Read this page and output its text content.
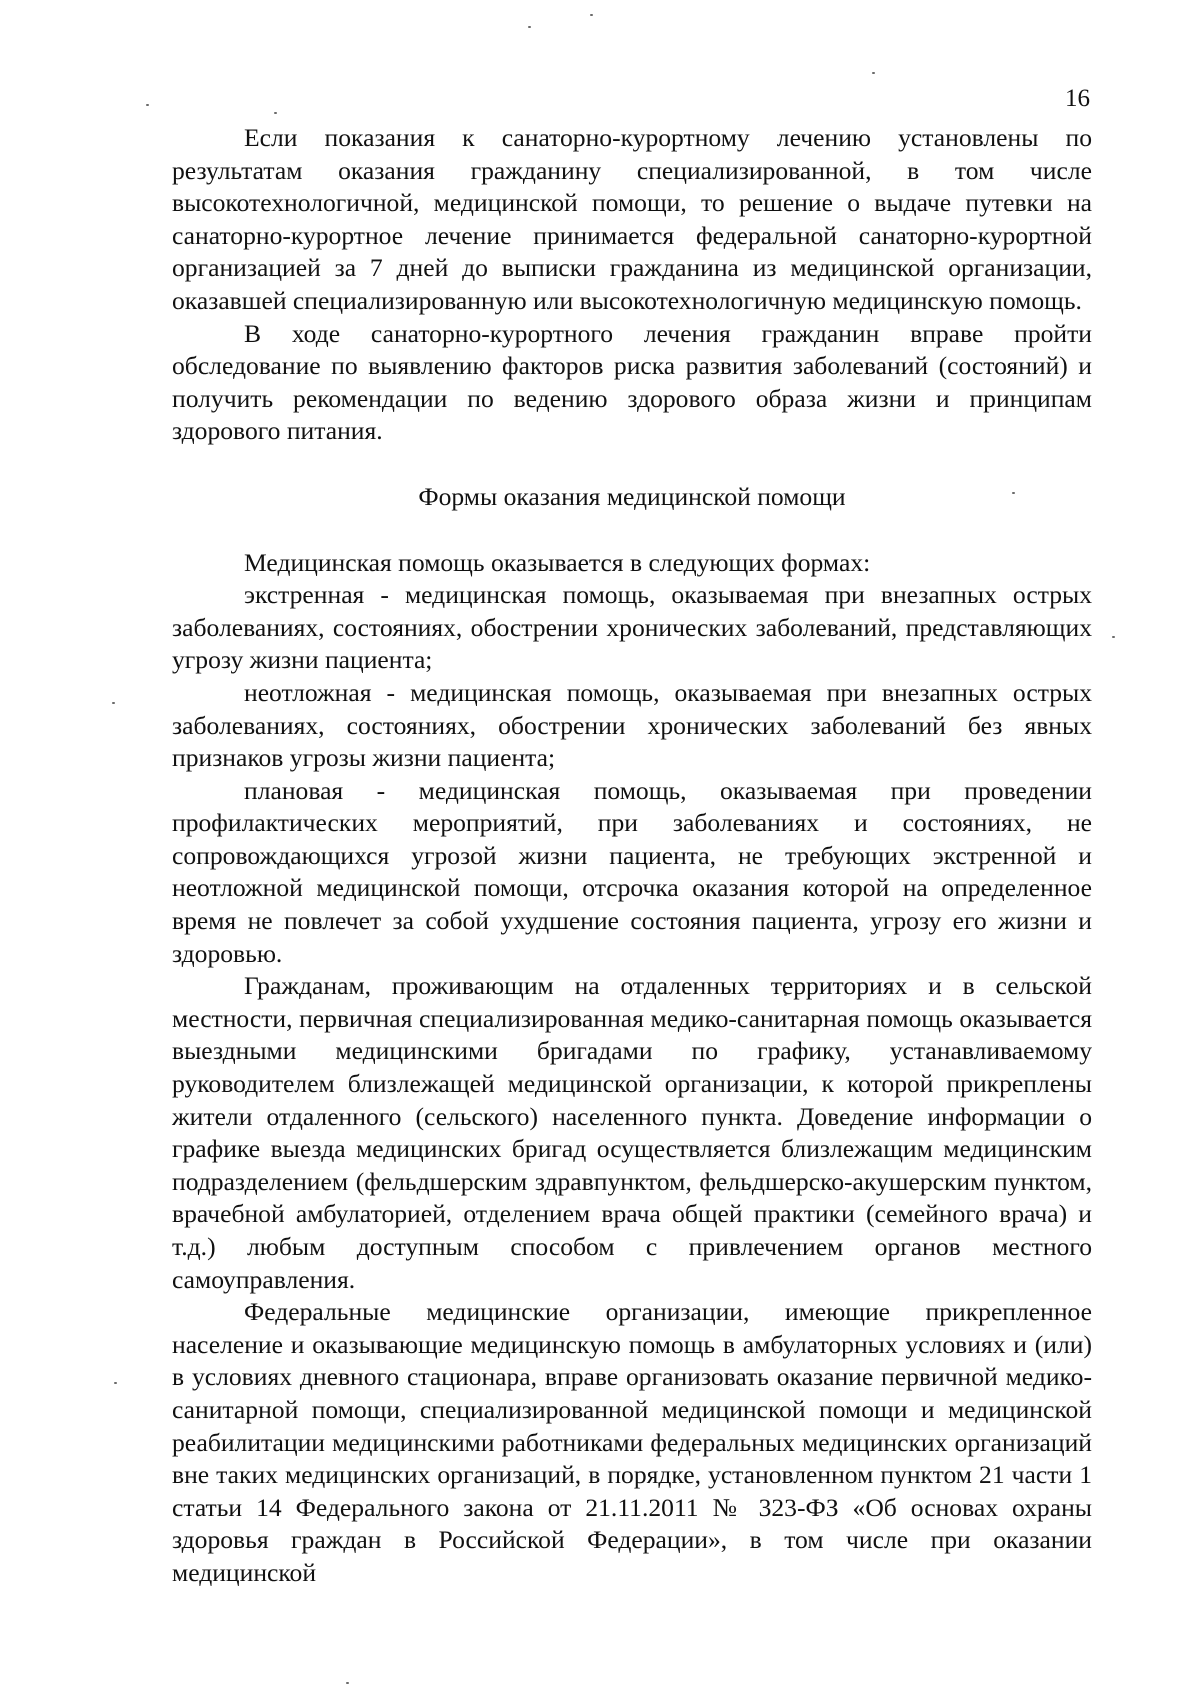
16

Если показания к санаторно-курортному лечению установлены по результатам оказания гражданину специализированной, в том числе высокотехнологичной, медицинской помощи, то решение о выдаче путевки на санаторно-курортное лечение принимается федеральной санаторно-курортной организацией за 7 дней до выписки гражданина из медицинской организации, оказавшей специализированную или высокотехнологичную медицинскую помощь.

В ходе санаторно-курортного лечения гражданин вправе пройти обследование по выявлению факторов риска развития заболеваний (состояний) и получить рекомендации по ведению здорового образа жизни и принципам здорового питания.

Формы оказания медицинской помощи

Медицинская помощь оказывается в следующих формах:

экстренная - медицинская помощь, оказываемая при внезапных острых заболеваниях, состояниях, обострении хронических заболеваний, представляющих угрозу жизни пациента;

неотложная - медицинская помощь, оказываемая при внезапных острых заболеваниях, состояниях, обострении хронических заболеваний без явных признаков угрозы жизни пациента;

плановая - медицинская помощь, оказываемая при проведении профилактических мероприятий, при заболеваниях и состояниях, не сопровождающихся угрозой жизни пациента, не требующих экстренной и неотложной медицинской помощи, отсрочка оказания которой на определенное время не повлечет за собой ухудшение состояния пациента, угрозу его жизни и здоровью.

Гражданам, проживающим на отдаленных территориях и в сельской местности, первичная специализированная медико-санитарная помощь оказывается выездными медицинскими бригадами по графику, устанавливаемому руководителем близлежащей медицинской организации, к которой прикреплены жители отдаленного (сельского) населенного пункта. Доведение информации о графике выезда медицинских бригад осуществляется близлежащим медицинским подразделением (фельдшерским здравпунктом, фельдшерско-акушерским пунктом, врачебной амбулаторией, отделением врача общей практики (семейного врача) и т.д.) любым доступным способом с привлечением органов местного самоуправления.

Федеральные медицинские организации, имеющие прикрепленное население и оказывающие медицинскую помощь в амбулаторных условиях и (или) в условиях дневного стационара, вправе организовать оказание первичной медико-санитарной помощи, специализированной медицинской помощи и медицинской реабилитации медицинскими работниками федеральных медицинских организаций вне таких медицинских организаций, в порядке, установленном пунктом 21 части 1 статьи 14 Федерального закона от 21.11.2011 № 323-ФЗ «Об основах охраны здоровья граждан в Российской Федерации», в том числе при оказании медицинской
